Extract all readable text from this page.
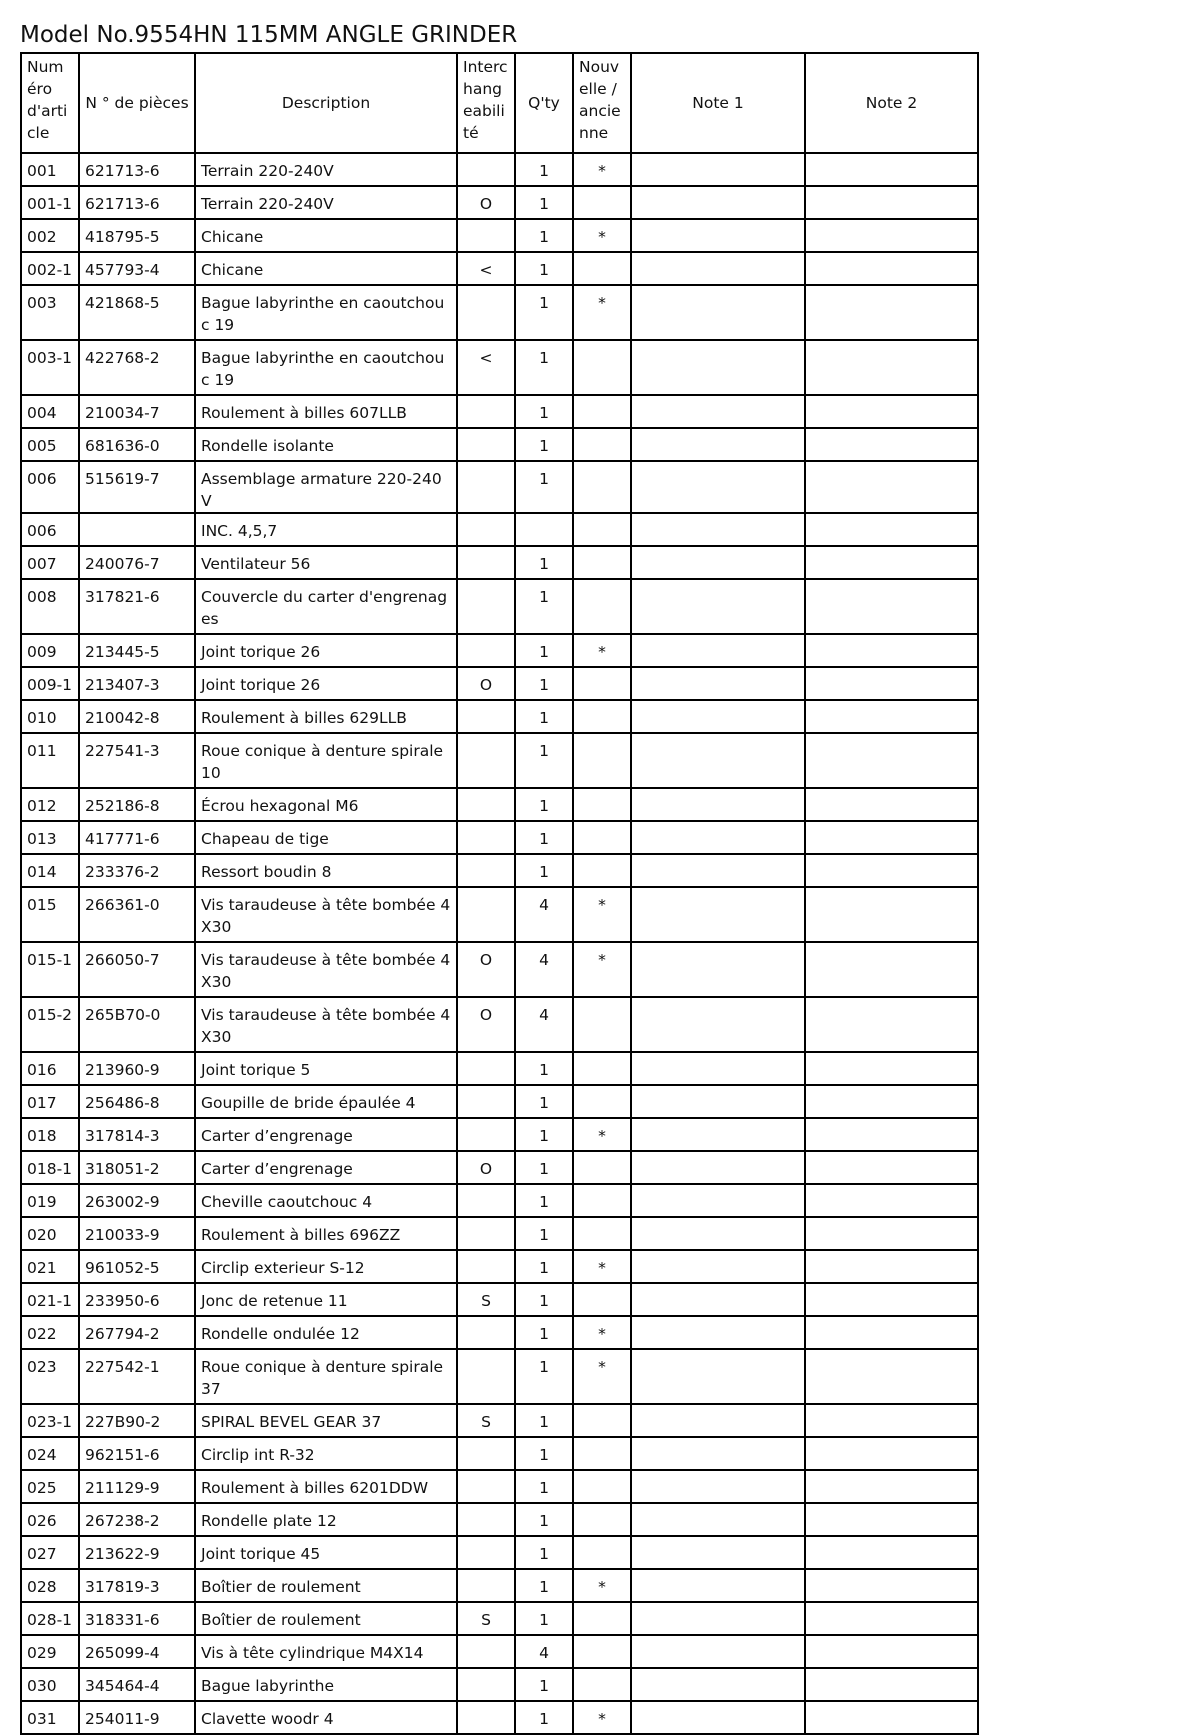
Model No.9554HN 115MM ANGLE GRINDER
Numéro d'article	N ° de pièces	Description	Interchangeabilité	Q'ty	Nouvelle / ancienne	Note 1	Note 2
001	621713-6	Terrain 220-240V		1	*		
001-1	621713-6	Terrain 220-240V	O	1			
002	418795-5	Chicane		1	*		
002-1	457793-4	Chicane	<	1			
003	421868-5	Bague labyrinthe en caoutchouc 19		1	*		
003-1	422768-2	Bague labyrinthe en caoutchouc 19	<	1			
004	210034-7	Roulement à billes 607LLB		1			
005	681636-0	Rondelle isolante		1			
006	515619-7	Assemblage armature 220-240V		1			
006		INC. 4,5,7					
007	240076-7	Ventilateur 56		1			
008	317821-6	Couvercle du carter d'engrenages		1			
009	213445-5	Joint torique 26		1	*		
009-1	213407-3	Joint torique 26	O	1			
010	210042-8	Roulement à billes 629LLB		1			
011	227541-3	Roue conique à denture spirale 10		1			
012	252186-8	Écrou hexagonal M6		1			
013	417771-6	Chapeau de tige		1			
014	233376-2	Ressort boudin 8		1			
015	266361-0	Vis taraudeuse à tête bombée 4X30		4	*		
015-1	266050-7	Vis taraudeuse à tête bombée 4X30	O	4	*		
015-2	265B70-0	Vis taraudeuse à tête bombée 4X30	O	4			
016	213960-9	Joint torique 5		1			
017	256486-8	Goupille de bride épaulée 4		1			
018	317814-3	Carter d’engrenage		1	*		
018-1	318051-2	Carter d’engrenage	O	1			
019	263002-9	Cheville caoutchouc 4		1			
020	210033-9	Roulement à billes 696ZZ		1			
021	961052-5	Circlip exterieur S-12		1	*		
021-1	233950-6	Jonc de retenue 11	S	1			
022	267794-2	Rondelle ondulée 12		1	*		
023	227542-1	Roue conique à denture spirale 37		1	*		
023-1	227B90-2	SPIRAL BEVEL GEAR 37	S	1			
024	962151-6	Circlip int R-32		1			
025	211129-9	Roulement à billes 6201DDW		1			
026	267238-2	Rondelle plate 12		1			
027	213622-9	Joint torique 45		1			
028	317819-3	Boîtier de roulement		1	*		
028-1	318331-6	Boîtier de roulement	S	1			
029	265099-4	Vis à tête cylindrique M4X14		4			
030	345464-4	Bague labyrinthe		1			
031	254011-9	Clavette woodr 4		1	*		
